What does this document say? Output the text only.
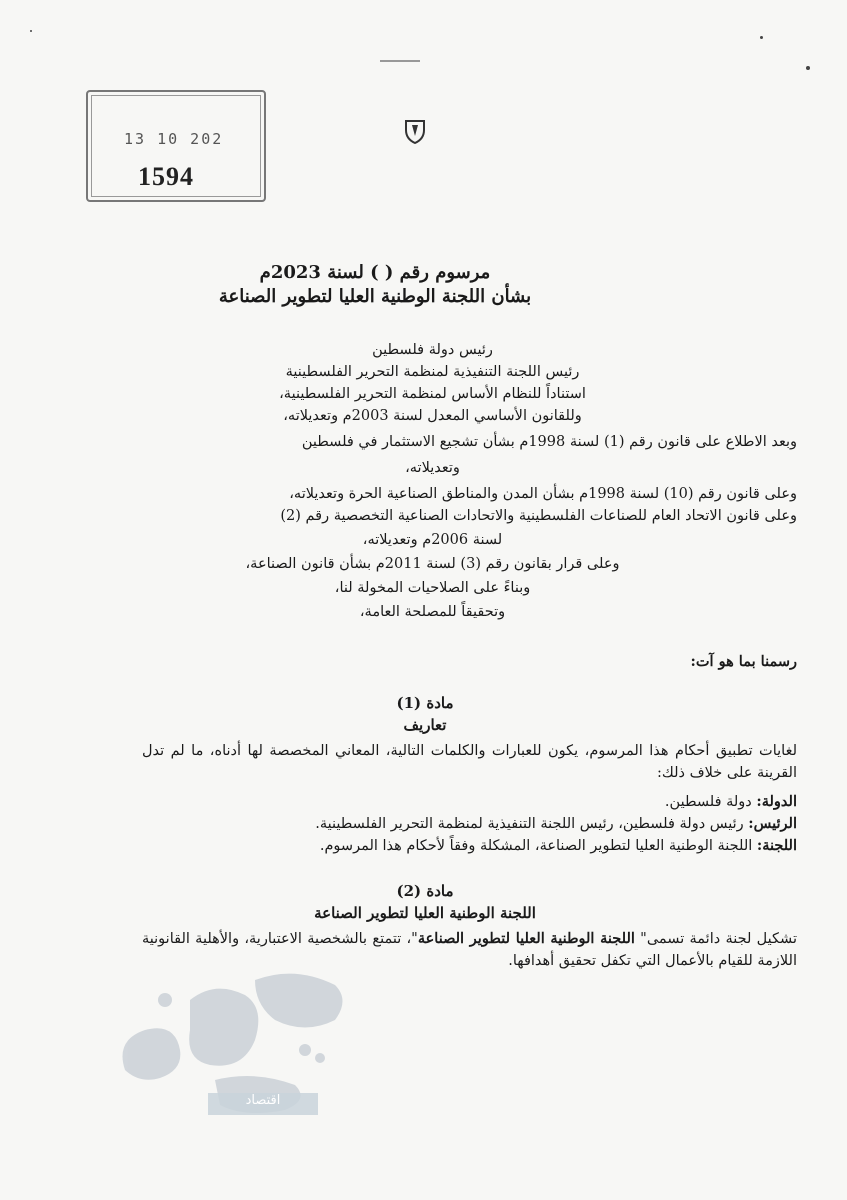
13 10 202
1594
مرسوم رقم ( ) لسنة 2023م
بشأن اللجنة الوطنية العليا لتطوير الصناعة
رئيس دولة فلسطين
رئيس اللجنة التنفيذية لمنظمة التحرير الفلسطينية
استناداً للنظام الأساس لمنظمة التحرير الفلسطينية،
وللقانون الأساسي المعدل لسنة 2003م وتعديلاته،
وبعد الاطلاع على قانون رقم (1) لسنة 1998م بشأن تشجيع الاستثمار في فلسطين
وتعديلاته،
وعلى قانون رقم (10) لسنة 1998م بشأن المدن والمناطق الصناعية الحرة وتعديلاته،
وعلى قانون الاتحاد العام للصناعات الفلسطينية والاتحادات الصناعية التخصصية رقم (2)
لسنة 2006م وتعديلاته،
وعلى قرار بقانون رقم (3) لسنة 2011م بشأن قانون الصناعة،
وبناءً على الصلاحيات المخولة لنا،
وتحقيقاً للمصلحة العامة،
رسمنا بما هو آت:
مادة (1)
تعاريف
لغايات تطبيق أحكام هذا المرسوم، يكون للعبارات والكلمات التالية، المعاني المخصصة لها أدناه، ما لم تدل القرينة على خلاف ذلك:
الدولة: دولة فلسطين.
الرئيس: رئيس دولة فلسطين، رئيس اللجنة التنفيذية لمنظمة التحرير الفلسطينية.
اللجنة: اللجنة الوطنية العليا لتطوير الصناعة، المشكلة وفقاً لأحكام هذا المرسوم.
مادة (2)
اللجنة الوطنية العليا لتطوير الصناعة
تشكيل لجنة دائمة تسمى" اللجنة الوطنية العليا لتطوير الصناعة"، تتمتع بالشخصية الاعتبارية، والأهلية القانونية اللازمة للقيام بالأعمال التي تكفل تحقيق أهدافها.
اقتصاد
